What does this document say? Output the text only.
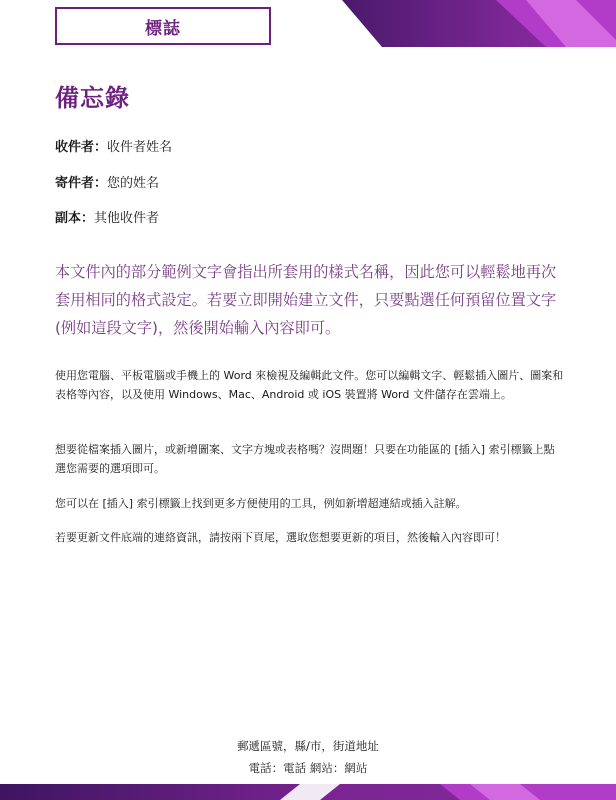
標誌
備忘錄
收件者：收件者姓名
寄件者：您的姓名
副本：其他收件者

本文件內的部分範例文字會指出所套用的樣式名稱，因此您可以輕鬆地再次套用相同的格式設定。若要立即開始建立文件，只要點選任何預留位置文字 (例如這段文字)，然後開始輸入內容即可。

使用您電腦、平板電腦或手機上的 Word 來檢視及編輯此文件。您可以編輯文字、輕鬆插入圖片、圖案和表格等內容，以及使用 Windows、Mac、Android 或 iOS 裝置將 Word 文件儲存在雲端上。

想要從檔案插入圖片，或新增圖案、文字方塊或表格嗎？沒問題！只要在功能區的 [插入] 索引標籤上點選您需要的選項即可。

您可以在 [插入] 索引標籤上找到更多方便使用的工具，例如新增超連結或插入註解。

若要更新文件底端的連絡資訊，請按兩下頁尾，選取您想要更新的項目，然後輸入內容即可！

郵遞區號，縣/市，街道地址
電話：電話 網站：網站
